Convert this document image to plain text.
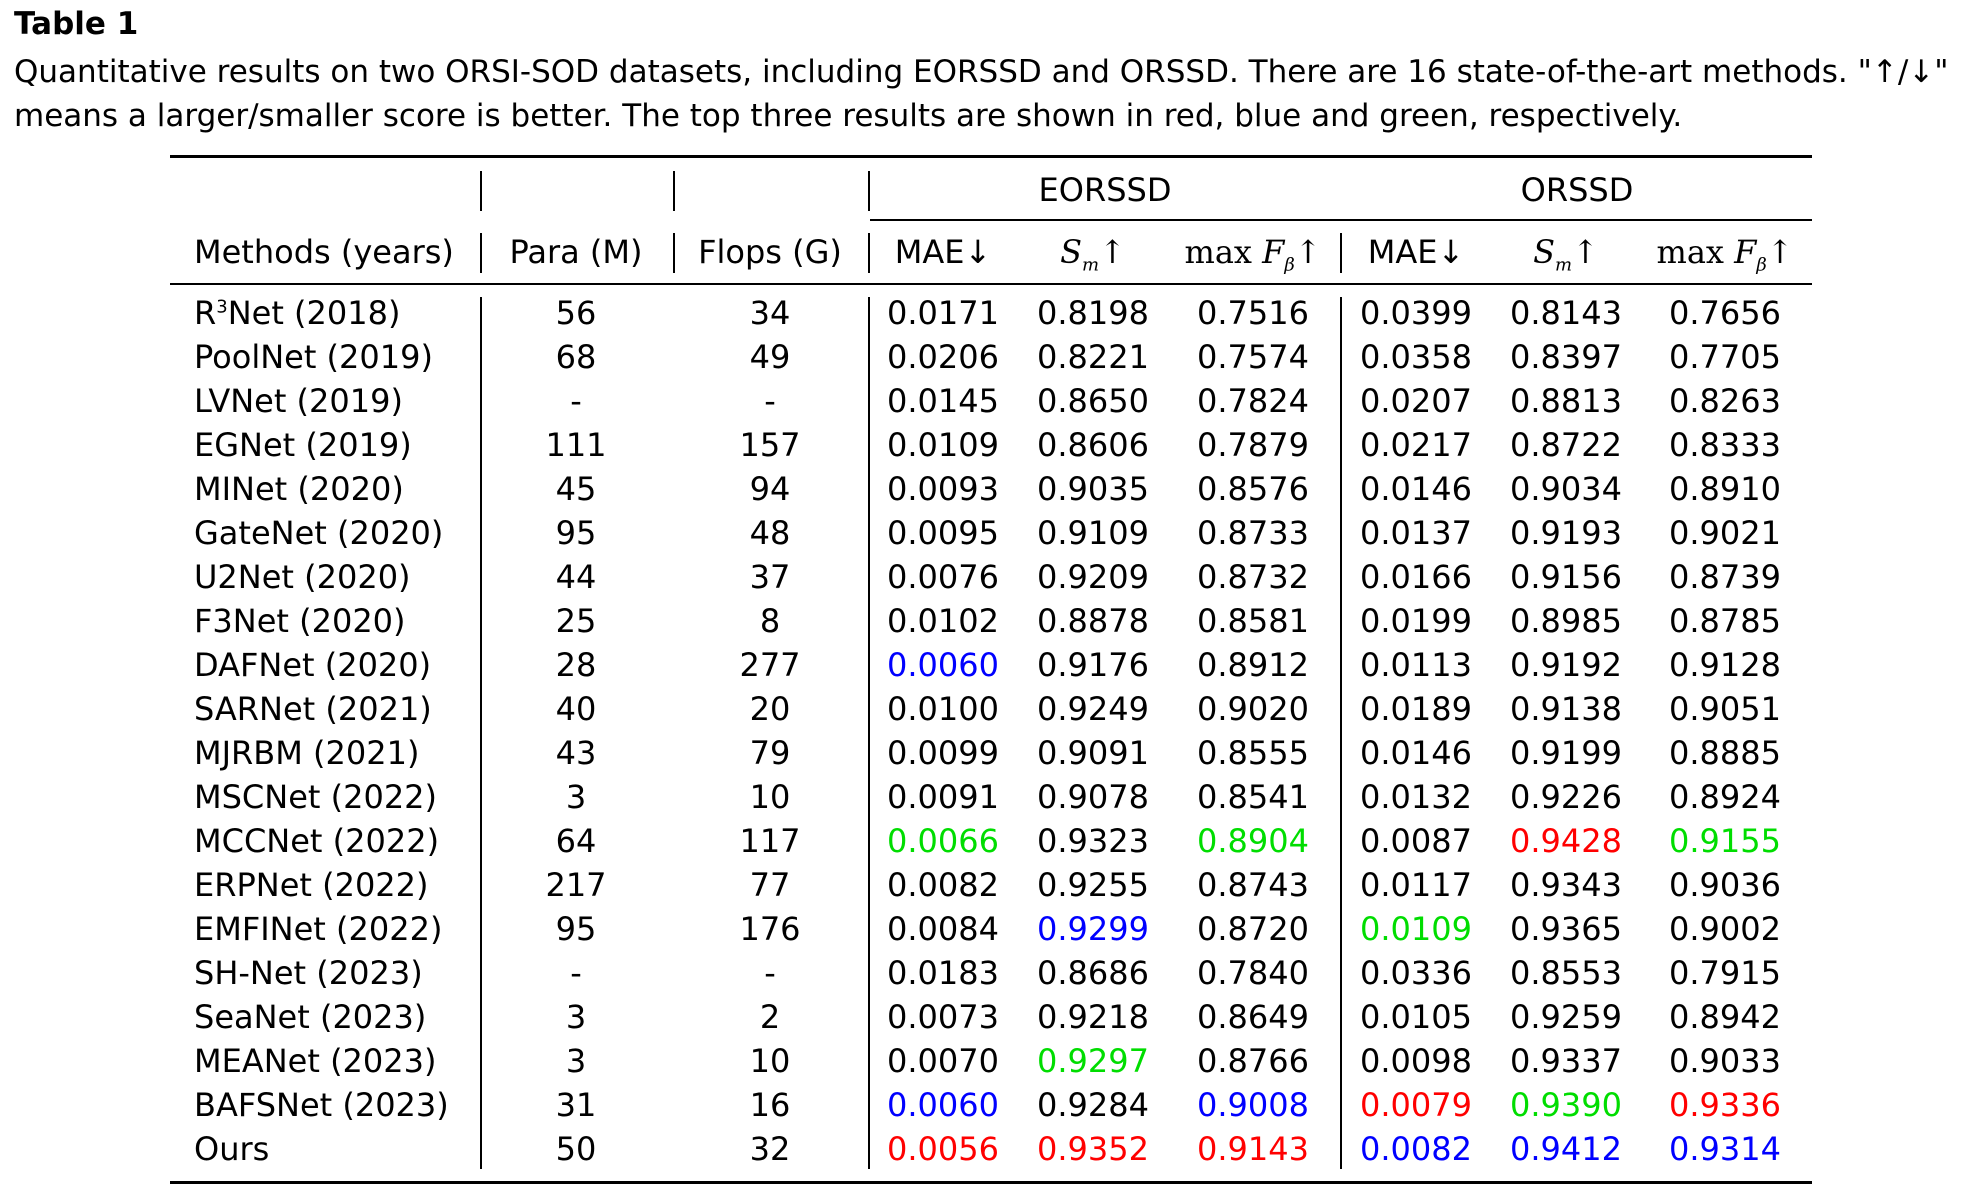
Table 1
Quantitative results on two ORSI-SOD datasets, including EORSSD and ORSSD. There are 16 state-of-the-art methods. "↑/↓"
means a larger/smaller score is better. The top three results are shown in red, blue and green, respectively.
EORSSD	ORSSD
Methods (years) Para (M) Flops (G) MAE↓ $S_m↑$ $\max F_\beta↑$ MAE↓ $S_m↑$ $\max F_\beta↑$
$R^3Net$ (2018)	56	34	0.0171 0.8198 0.7516 0.0399 0.8143 0.7656
PoolNet (2019)	68	49	0.0206 0.8221 0.7574 0.0358 0.8397 0.7705
LVNet (2019)	-	-	0.0145 0.8650 0.7824 0.0207 0.8813 0.8263
EGNet (2019)	111	157	0.0109 0.8606 0.7879 0.0217 0.8722 0.8333
MINet (2020)	45	94	0.0093 0.9035 0.8576 0.0146 0.9034 0.8910
GateNet (2020)	95	48	0.0095 0.9109 0.8733 0.0137 0.9193 0.9021
U2Net (2020)	44	37	0.0076 0.9209 0.8732 0.0166 0.9156 0.8739
F3Net (2020)	25	8	0.0102 0.8878 0.8581 0.0199 0.8985 0.8785
DAFNet (2020)	28	277	0.0060 0.9176 0.8912 0.0113 0.9192 0.9128
SARNet (2021)	40	20	0.0100 0.9249 0.9020 0.0189 0.9138 0.9051
MJRBM (2021)	43	79	0.0099 0.9091 0.8555 0.0146 0.9199 0.8885
MSCNet (2022)	3	10	0.0091 0.9078 0.8541 0.0132 0.9226 0.8924
MCCNet (2022)	64	117	0.0066 0.9323 0.8904 0.0087 0.9428 0.9155
ERPNet (2022)	217	77	0.0082 0.9255 0.8743 0.0117 0.9343 0.9036
EMFINet (2022)	95	176	0.0084 0.9299 0.8720 0.0109 0.9365 0.9002
SH-Net (2023)	-	-	0.0183 0.8686 0.7840 0.0336 0.8553 0.7915
SeaNet (2023)	3	2	0.0073 0.9218 0.8649 0.0105 0.9259 0.8942
MEANet (2023)	3	10	0.0070 0.9297 0.8766 0.0098 0.9337 0.9033
BAFSNet (2023)	31	16	0.0060 0.9284 0.9008 0.0079 0.9390 0.9336
Ours	50	32	0.0056 0.9352 0.9143 0.0082 0.9412 0.9314
